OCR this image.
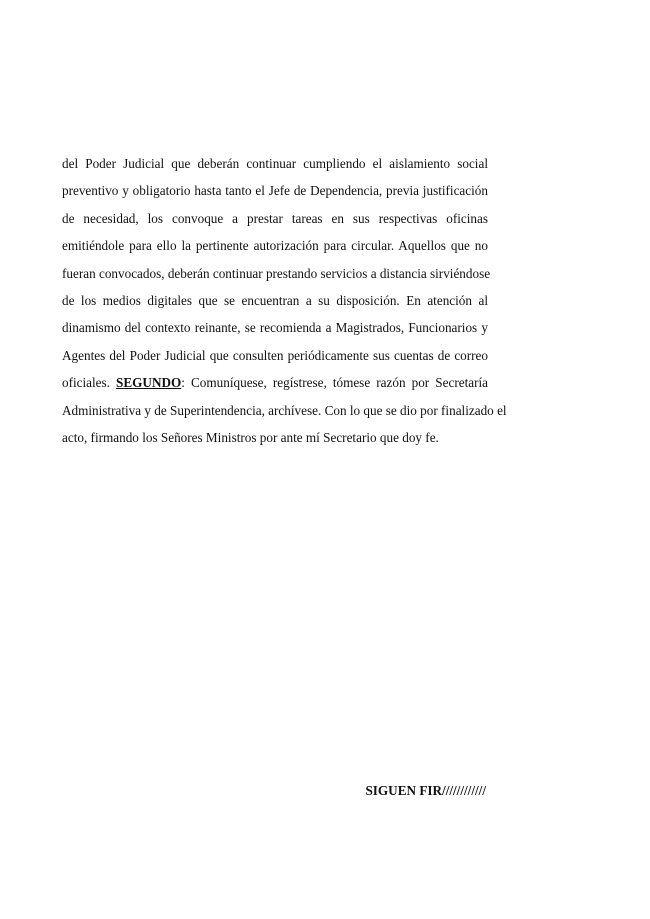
del Poder Judicial que deberán continuar cumpliendo el aislamiento social
preventivo y obligatorio hasta tanto el Jefe de Dependencia, previa justificación
de necesidad, los convoque a prestar tareas en sus respectivas oficinas
emitiéndole para ello la pertinente autorización para circular. Aquellos que no
fueran convocados, deberán continuar prestando servicios a distancia sirviéndose
de los medios digitales que se encuentran a su disposición. En atención al
dinamismo del contexto reinante, se recomienda a Magistrados, Funcionarios y
Agentes del Poder Judicial que consulten periódicamente sus cuentas de correo
oficiales. SEGUNDO: Comuníquese, regístrese, tómese razón por Secretaría
Administrativa y de Superintendencia, archívese. Con lo que se dio por finalizado el
acto, firmando los Señores Ministros por ante mí Secretario que doy fe.
SIGUEN FIR////////////
